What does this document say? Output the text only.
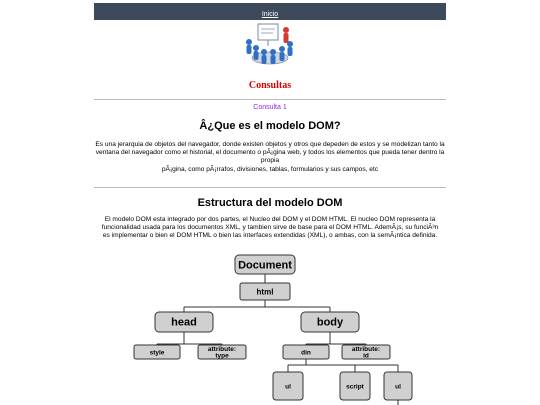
Inicio
Consultas
Consulta 1
Â¿Que es el modelo DOM?
Es una jerarquia de objetos del navegador, donde existen objetos y otros que depeden de estos y se modelizan tanto la
ventana del navegador como el historial, el documento o pÃ¡gina web, y todos los elementos que pueda tener dentro la propia
pÃ¡gina, como pÃ¡rrafos, divisiones, tablas, formularios y sus campos, etc
Estructura del modelo DOM
El modelo DOM esta integrado por dos partes, el Nucleo del DOM y el DOM HTML. El nucleo DOM representa la
funcionalidad usada para los documentos XML, y tambien sirve de base para el DOM HTML. AdemÃ¡s, su funciÃ³n
es implementar o bien el DOM HTML o bien las interfaces extendidas (XML), o ambas, con la semÃ¡ntica definida.
Document
html
head	body
style	attribute:
type	din	attribute:
id
ul	script	ul
